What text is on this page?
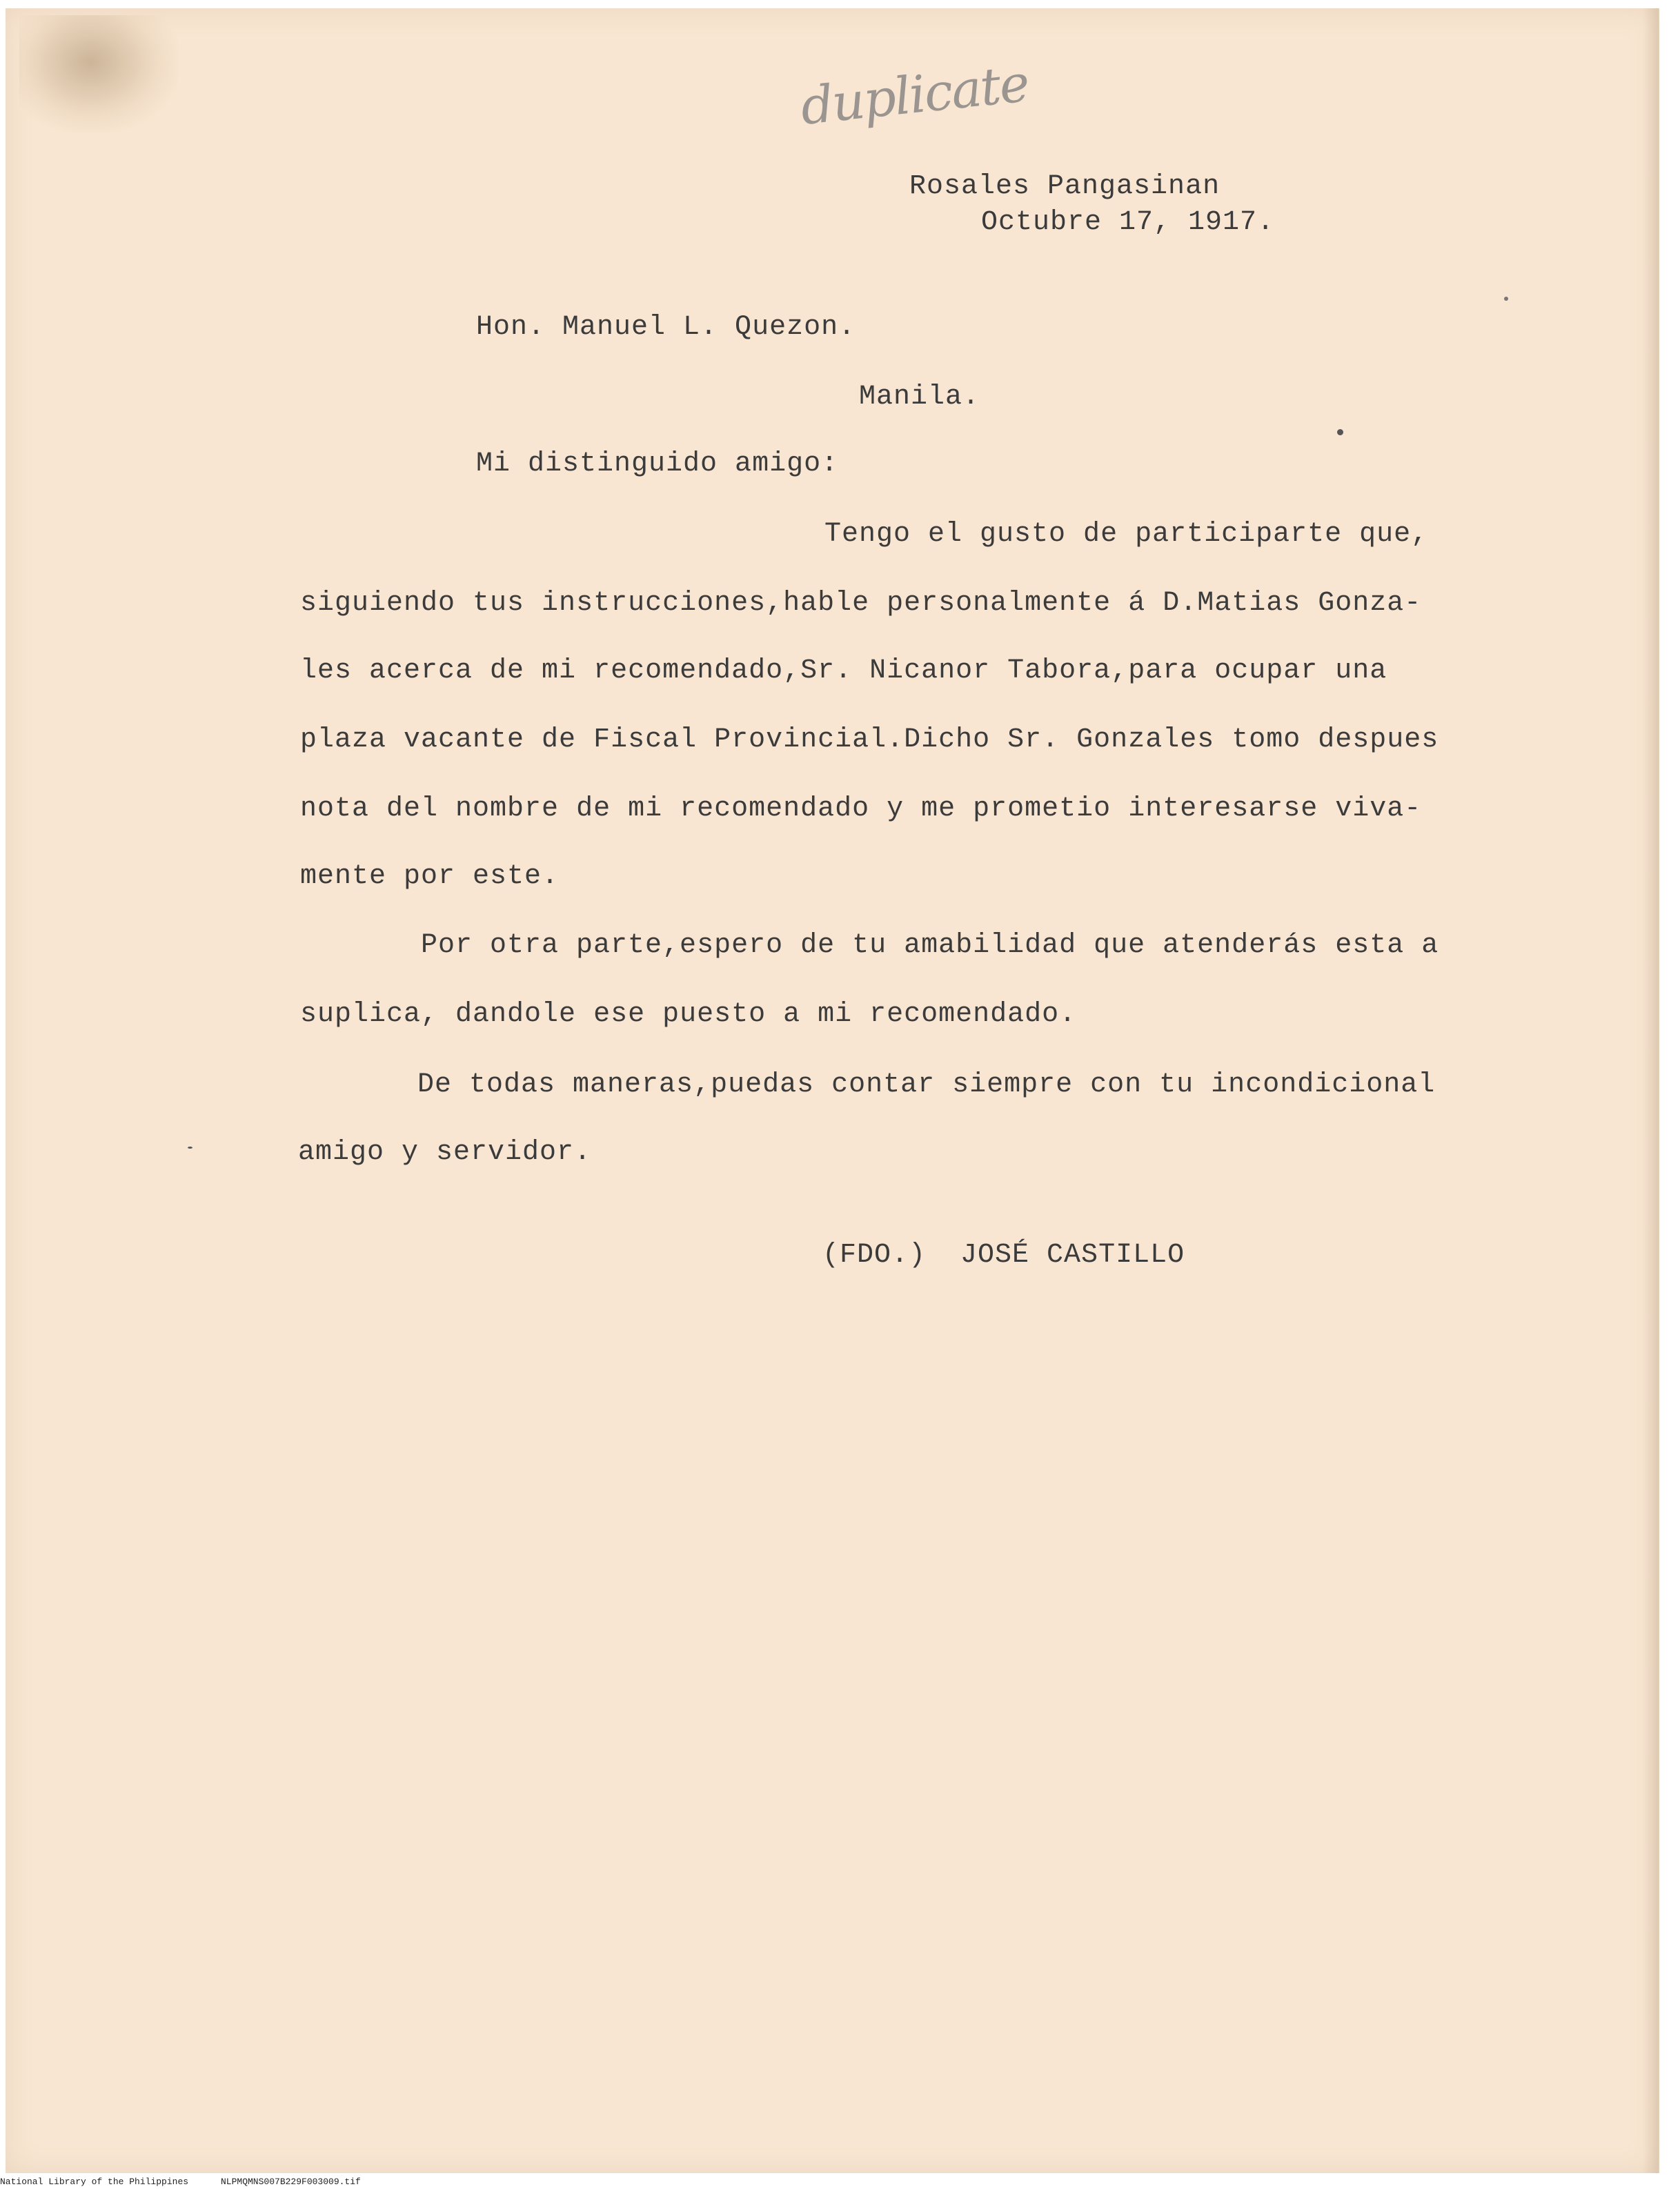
duplicate
Rosales Pangasinan
Octubre 17, 1917.
Hon. Manuel L. Quezon.
Manila.
Mi distinguido amigo:
Tengo el gusto de participarte que,
siguiendo tus instrucciones,hable personalmente á D.Matias Gonza-
les acerca de mi recomendado,Sr. Nicanor Tabora,para ocupar una
plaza vacante de Fiscal Provincial.Dicho Sr. Gonzales tomo despues
nota del nombre de mi recomendado y me prometio interesarse viva-
mente por este.
Por otra parte,espero de tu amabilidad que atenderás esta a
suplica, dandole ese puesto a mi recomendado.
De todas maneras,puedas contar siempre con tu incondicional
amigo y servidor.
(FDO.)  JOSÉ CASTILLO
National Library of the Philippines	NLPMQMNS007B229F003009.tif
